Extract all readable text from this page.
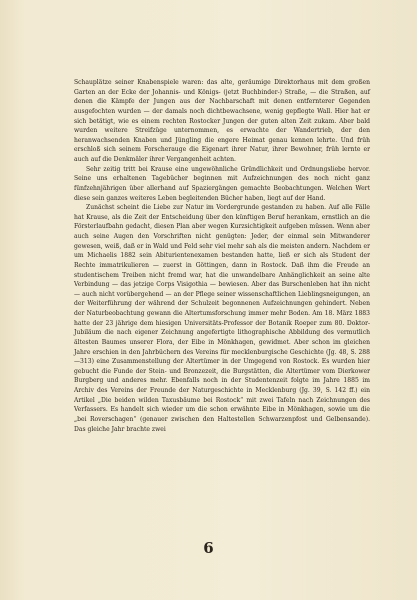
Schauplätze seiner Knabenspiele waren: das alte, geräumige Direktorhaus mit dem großen Garten an der Ecke der Johannis- und Königs- (jetzt Buchbinder-) Straße, — die Straßen, auf denen die Kämpfe der Jungen aus der Nachbarschaft mit denen entfernterer Gegenden ausgefochten wurden — der damals noch dichtbewachsene, wenig gepflegte Wall. Hier hat er sich betätigt, wie es einem rechten Rostocker Jungen der guten alten Zeit zukam. Aber bald wurden weitere Streifzüge unternommen, es erwachte der Wandertrieb, der den heranwachsenden Knaben und Jüngling die engere Heimat genau kennen lehrte. Und früh erschloß sich seinem Forscherauge die Eigenart ihrer Natur, ihrer Bewohner, früh lernte er auch auf die Denkmäler ihrer Vergangenheit achten.

Sehr zeitig tritt bei Krause eine ungewöhnliche Gründlichkeit und Ordnungsliebe hervor. Seine uns erhaltenen Tagebücher beginnen mit Aufzeichnungen des noch nicht ganz fünfzehnjährigen über allerhand auf Spaziergängen gemachte Beobachtungen. Welchen Wert diese sein ganzes weiteres Leben begleitenden Bücher haben, liegt auf der Hand.

Zunächst scheint die Liebe zur Natur im Vordergrunde gestanden zu haben. Auf alle Fälle hat Krause, als die Zeit der Entscheidung über den künftigen Beruf herankam, ernstlich an die Försterlaufbahn gedacht, diesen Plan aber wegen Kurzsichtigkeit aufgeben müssen. Wenn aber auch seine Augen den Vorschriften nicht genügten: Jeder, der einmal sein Mitwanderer gewesen, weiß, daß er in Wald und Feld sehr viel mehr sah als die meisten andern. Nachdem er um Michaelis 1882 sein Abiturientenexamen bestanden hatte, ließ er sich als Student der Rechte immatrikulieren — zuerst in Göttingen, dann in Rostock. Daß ihm die Freude an studentischem Treiben nicht fremd war, hat die unwandelbare Anhänglichkeit an seine alte Verbindung — das jetzige Corps Visigothia — bewiesen. Aber das Burschenleben hat ihn nicht — auch nicht vorübergehend — an der Pflege seiner wissenschaftlichen Lieblingsneigungen, an der Weiterführung der während der Schulzeit begonnenen Aufzeichnungen gehindert. Neben der Naturbeobachtung gewann die Altertumsforschung immer mehr Boden. Am 18. März 1883 hatte der 23 jährige dem hiesigen Universitäts-Professor der Botanik Roeper zum 80. Doktor-Jubiläum die nach eigener Zeichnung angefertigte lithographische Abbildung des vermutlich ältesten Baumes unserer Flora, der Eibe in Mönkhagen, gewidmet. Aber schon im gleichen Jahre erschien in den Jahrbüchern des Vereins für mecklenburgische Geschichte (Jg. 48, S. 288—313) eine Zusammenstellung der Altertümer in der Umgegend von Rostock. Es wurden hier gebucht die Funde der Stein- und Bronzezeit, die Burgstätten, die Altertümer vom Dierkower Burgberg und anderes mehr. Ebenfalls noch in der Studentenzeit folgte im Jahre 1885 im Archiv des Vereins der Freunde der Naturgeschichte in Mecklenburg (Jg. 39, S. 142 ff.) ein Artikel „Die beiden wilden Taxusbäume bei Rostock“ mit zwei Tafeln nach Zeichnungen des Verfassers. Es handelt sich wieder um die schon erwähnte Eibe in Mönkhagen, sowie um die „bei Roverschagen“ (genauer zwischen den Haltestellen Schwarzenpfost und Gelbensande). Das gleiche Jahr brachte zwei

6
